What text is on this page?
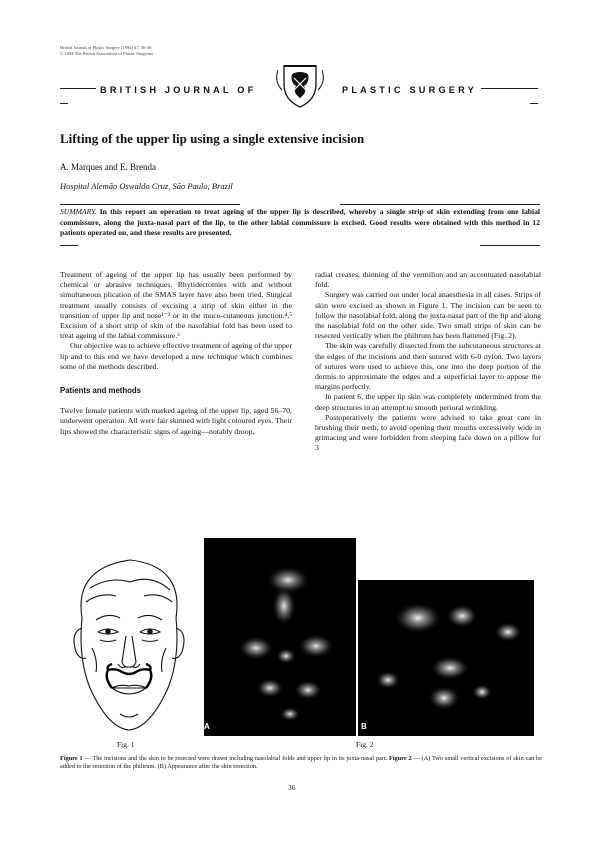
British Journal of Plastic Surgery (1994) 47, 36-38
© 1994 The British Association of Plastic Surgeons
BRITISH JOURNAL OF	PLASTIC SURGERY
Lifting of the upper lip using a single extensive incision
A. Marques and E. Brenda
Hospital Alemão Oswaldo Cruz, São Paulo, Brazil
SUMMARY. In this report an operation to treat ageing of the upper lip is described, whereby a single strip of skin extending from one labial commissure, along the juxta-nasal part of the lip, to the other labial commissure is excised. Good results were obtained with this method in 12 patients operated on, and these results are presented.

Treatment of ageing of the upper lip has usually been performed by chemical or abrasive techniques. Rhytidectomies with and without simultaneous plication of the SMAS layer have also been tried. Surgical treatment usually consists of excising a strip of skin either in the transition of upper lip and nose¹⁻³ or in the muco-cutaneous junction.⁴,⁵ Excision of a short strip of skin of the nasolabial fold has been used to treat ageing of the labial commissure.⁶

Our objective was to achieve effective treatment of ageing of the upper lip and to this end we have developed a new technique which combines some of the methods described.

Patients and methods

Twelve female patients with marked ageing of the upper lip, aged 56–70, underwent operation. All were fair skinned with light coloured eyes. Their lips showed the characteristic signs of ageing—notably droop,

radial creases, thinning of the vermilion and an accentuated nasolabial fold.

Surgery was carried out under local anaesthesia in all cases. Strips of skin were excised as shown in Figure 1. The incision can be seen to follow the nasolabial fold, along the juxta-nasal part of the lip and along the nasolabial fold on the other side. Two small strips of skin can be resected vertically when the philtrum has been flattened (Fig. 2).

The skin was carefully dissected from the subcutaneous structures at the edges of the incisions and then sutured with 6-0 nylon. Two layers of sutures were used to achieve this, one into the deep portion of the dermis to approximate the edges and a superficial layer to appose the margins perfectly.

In patient 6, the upper lip skin was completely undermined from the deep structures in an attempt to smooth perioral wrinkling.

Postoperatively the patients were advised to take great care in brushing their teeth, to avoid opening their mouths excessively wide in grimacing and were forbidden from sleeping face down on a pillow for 3

A	B
Fig. 1	Fig. 2
Figure 1 — The incisions and the skin to be resected were drawn including nasolabial folds and upper lip in its juxta-nasal part. Figure 2 — (A) Two small vertical excisions of skin can be added to the resection of the philtrum. (B) Appearance after the skin resection.
36
